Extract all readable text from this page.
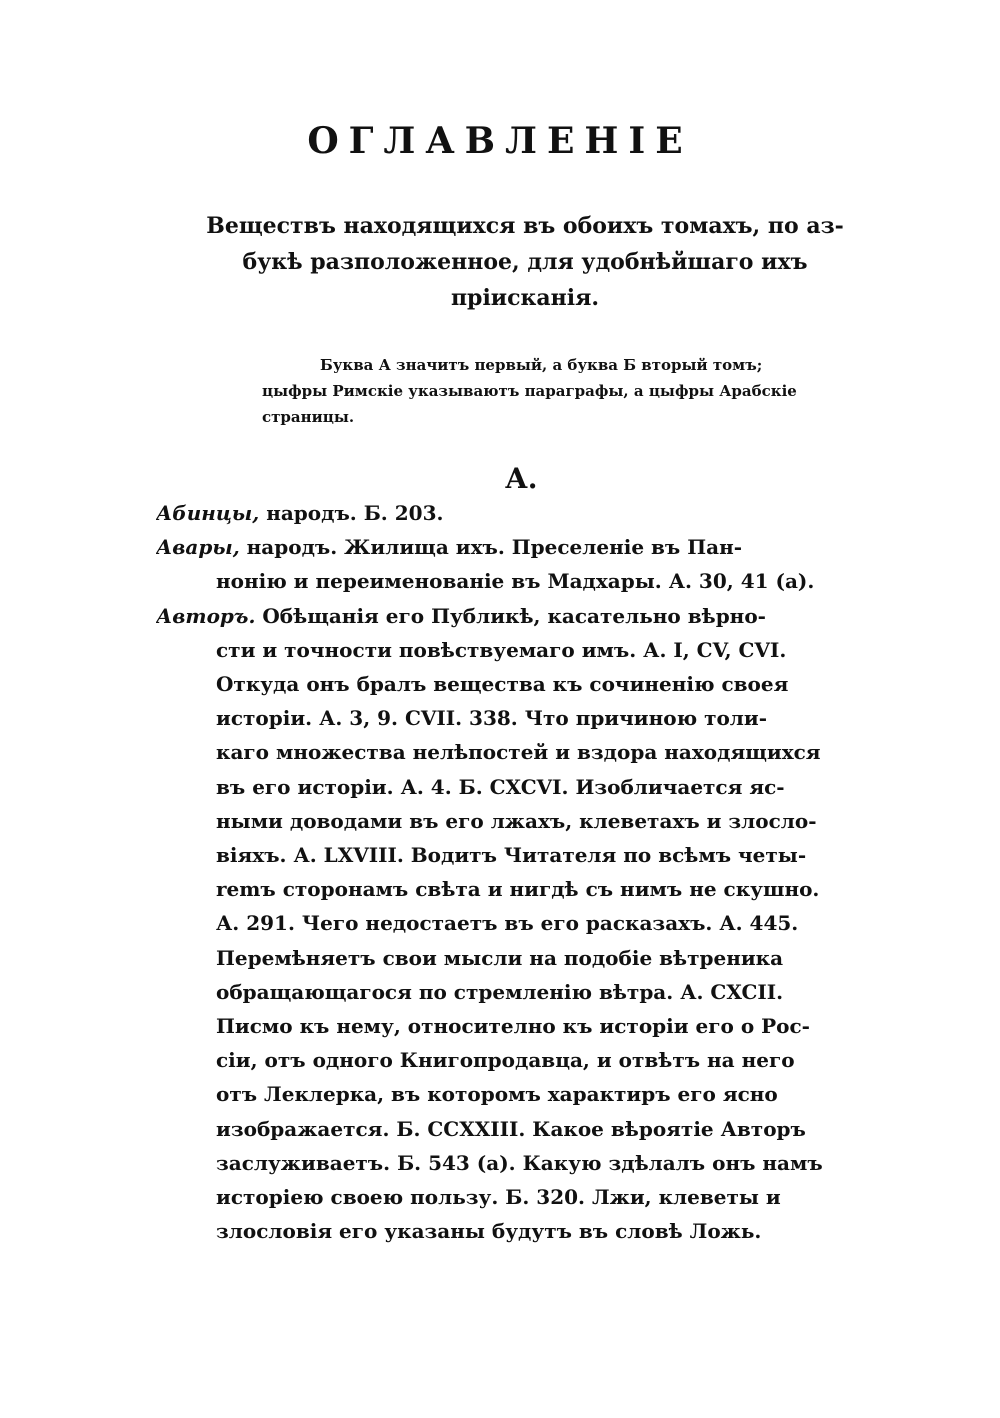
ОГЛАВЛЕНІЕ
Веществъ находящихся въ обоихъ томахъ, по аз-
букѣ разположенное, для удобнѣйшаго ихъ
пріисканія.
Буква А значитъ первый, а буква Б вторый томъ;
цыфры Римскіе указываютъ параграфы, а цыфры Арабскіе
страницы.
А.
Абинцы, народъ. Б. 203.
Авары, народъ. Жилища ихъ. Преселеніе въ Пан-
нонію и переименованіе въ Мадхары. А. 30, 41 (а).
Авторъ. Обѣщанія его Публикѣ, касательно вѣрно-
сти и точности повѣствуемаго имъ. А. I, CV, CVI.
Откуда онъ бралъ вещества къ сочиненію своея
исторіи. А. 3, 9. CVII. 338. Что причиною толи-
каго множества нелѣпостей и вздора находящихся
въ его исторіи. А. 4. Б. CXCVI. Изобличается яс-
ными доводами въ его лжахъ, клеветахъ и злосло-
віяхъ. А. LXVIII. Водитъ Читателя по всѣмъ четы-
remъ сторонамъ свѣта и нигдѣ съ нимъ не скушно.
А. 291. Чего недостаетъ въ его расказахъ. А. 445.
Перемѣняетъ свои мысли на подобіе вѣтреника
обращающагося по стремленію вѣтра. А. CXCII.
Писмо къ нему, относително къ исторіи его о Рос-
сіи, отъ одного Книгопродавца, и отвѣтъ на него
отъ Леклерка, въ которомъ характиръ его ясно
изображается. Б. CCXXIII. Какое вѣроятіе Авторъ
заслуживаетъ. Б. 543 (а). Какую здѣлалъ онъ намъ
исторіею своею пользу. Б. 320. Лжи, клеветы и
злословія его указаны будутъ въ словѣ Ложь.
